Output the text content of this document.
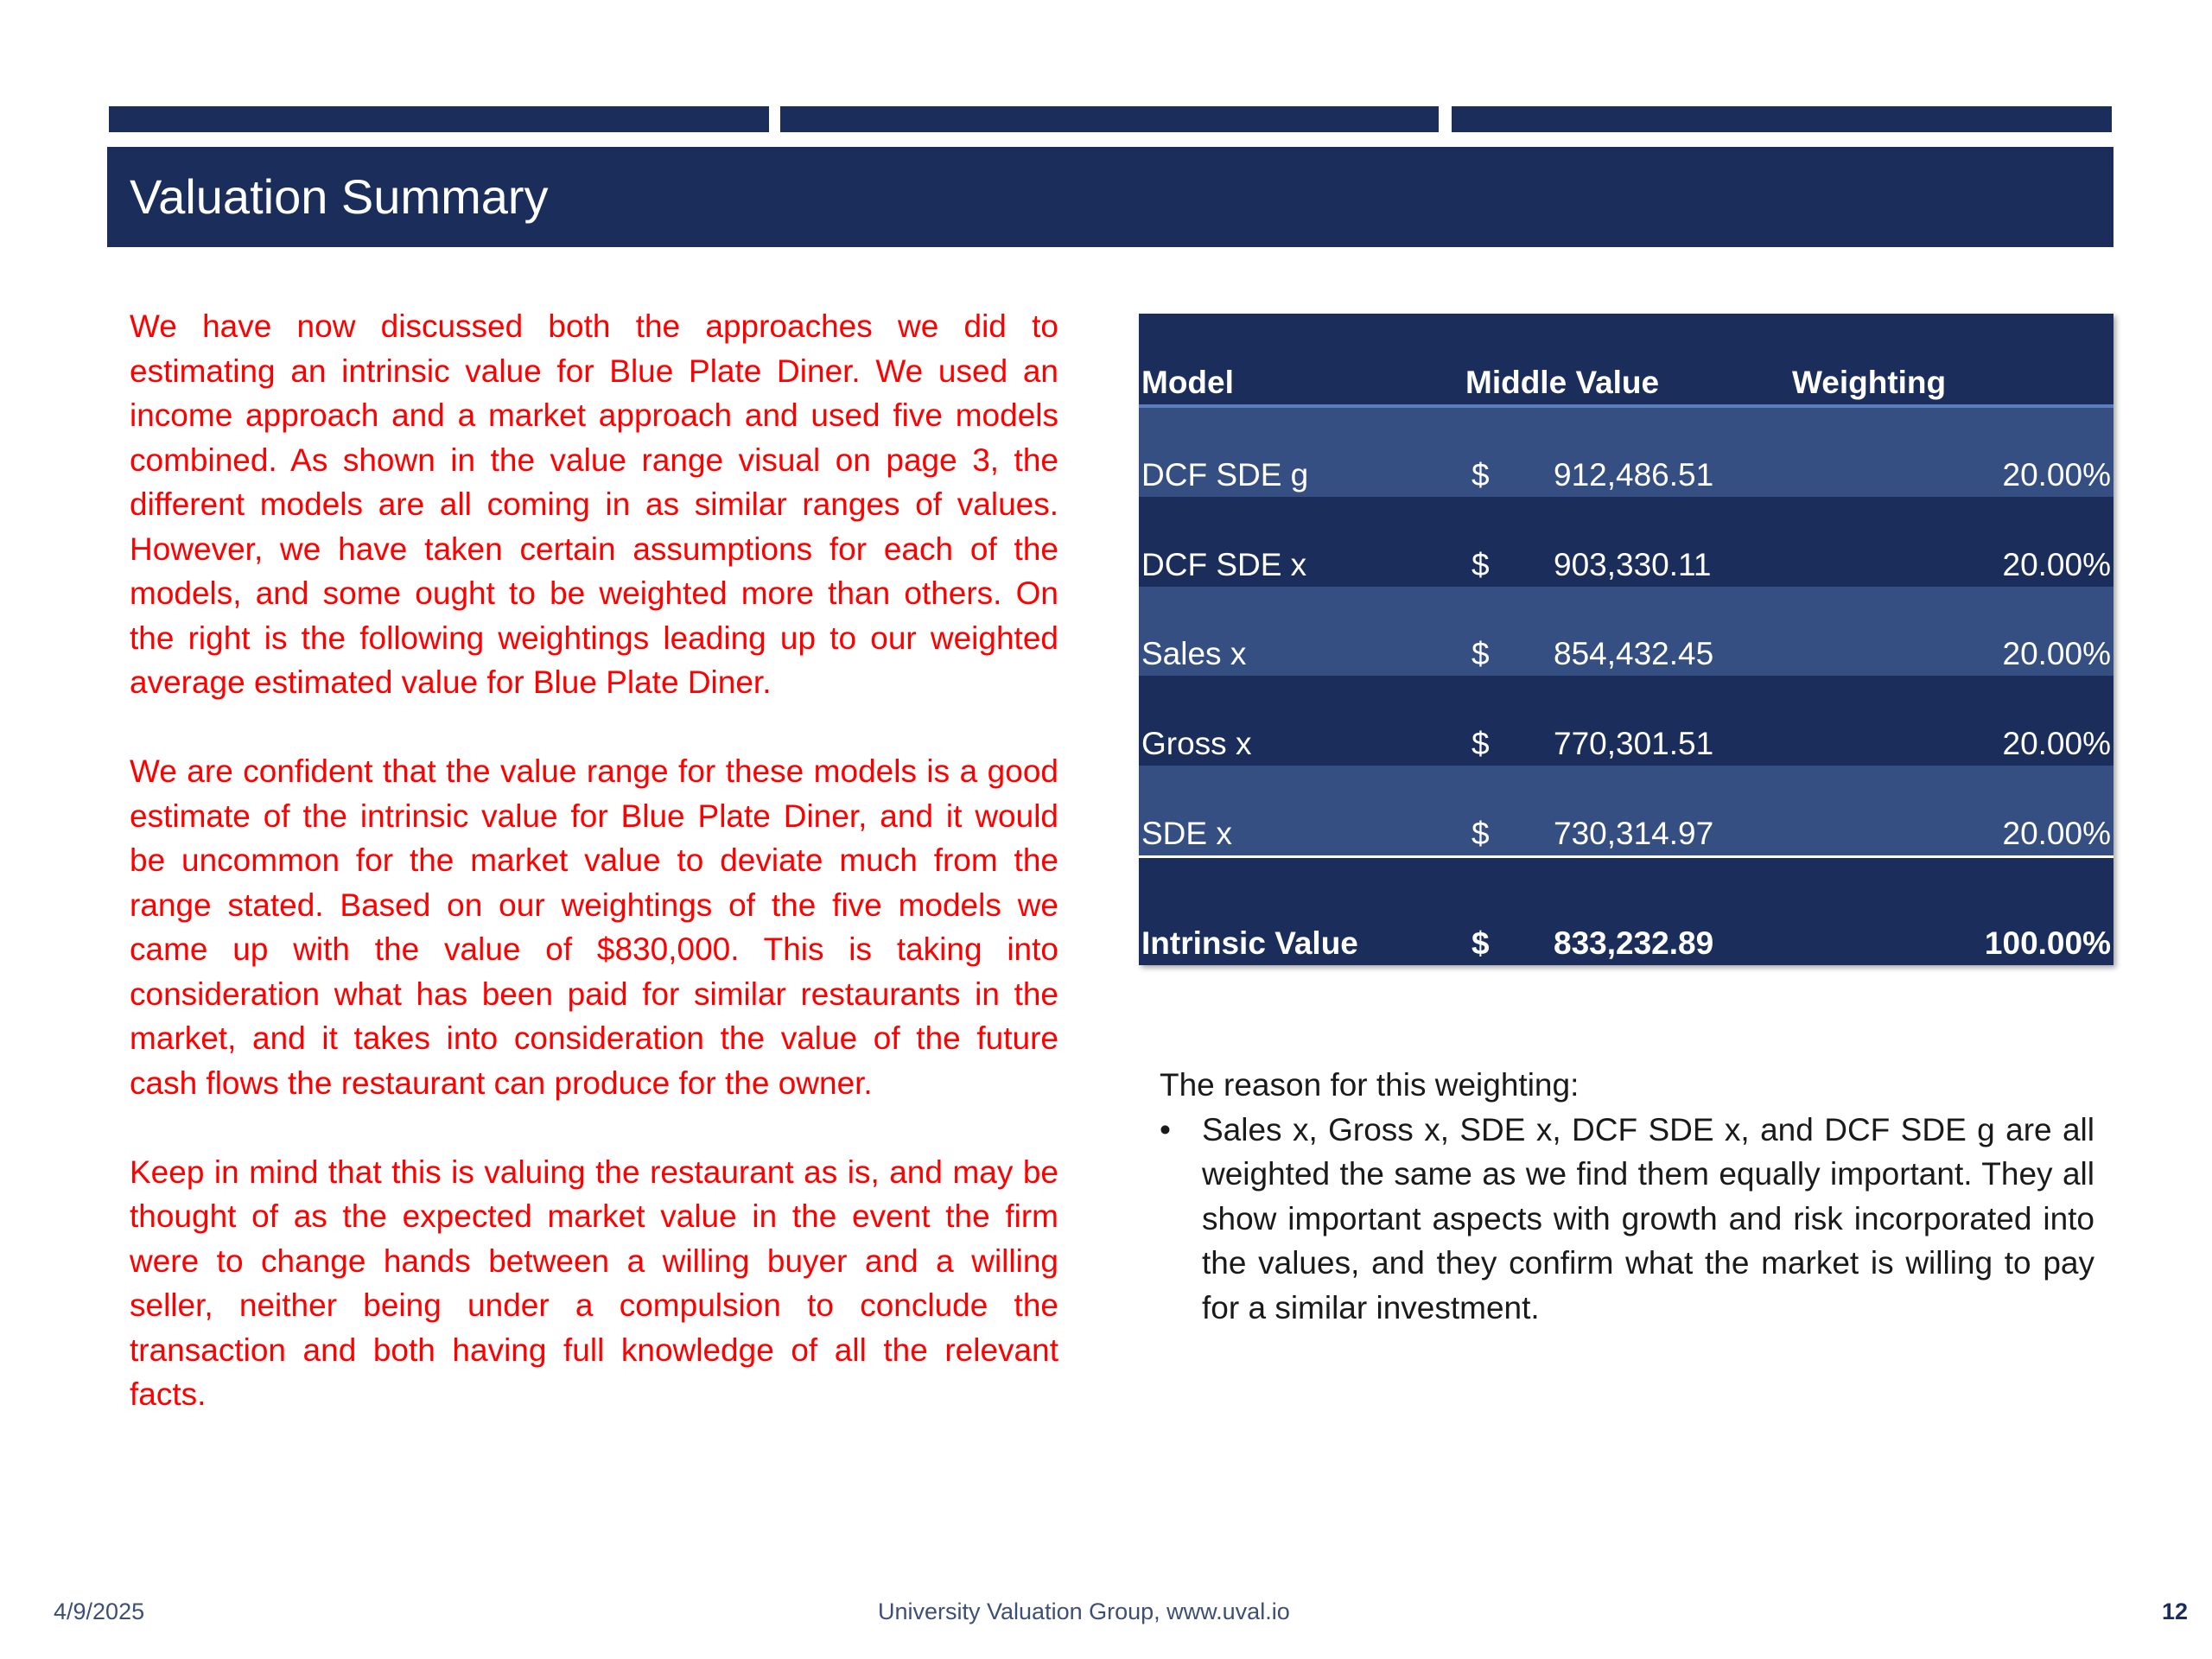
Valuation Summary

We have now discussed both the approaches we did to estimating an intrinsic value for Blue Plate Diner. We used an income approach and a market approach and used five models combined. As shown in the value range visual on page 3, the different models are all coming in as similar ranges of values. However, we have taken certain assumptions for each of the models, and some ought to be weighted more than others. On the right is the following weightings leading up to our weighted average estimated value for Blue Plate Diner.

We are confident that the value range for these models is a good estimate of the intrinsic value for Blue Plate Diner, and it would be uncommon for the market value to deviate much from the range stated. Based on our weightings of the five models we came up with the value of $830,000. This is taking into consideration what has been paid for similar restaurants in the market, and it takes into consideration the value of the future cash flows the restaurant can produce for the owner.

Keep in mind that this is valuing the restaurant as is, and may be thought of as the expected market value in the event the firm were to change hands between a willing buyer and a willing seller, neither being under a compulsion to conclude the transaction and both having full knowledge of all the relevant facts.

Model	Middle Value	Weighting
DCF SDE g	$ 912,486.51	20.00%
DCF SDE x	$ 903,330.11	20.00%
Sales x	$ 854,432.45	20.00%
Gross x	$ 770,301.51	20.00%
SDE x	$ 730,314.97	20.00%
Intrinsic Value	$ 833,232.89	100.00%

The reason for this weighting:

• Sales x, Gross x, SDE x, DCF SDE x, and DCF SDE g are all weighted the same as we find them equally important. They all show important aspects with growth and risk incorporated into the values, and they confirm what the market is willing to pay for a similar investment.
4/9/2025	University Valuation Group, www.uval.io	12
